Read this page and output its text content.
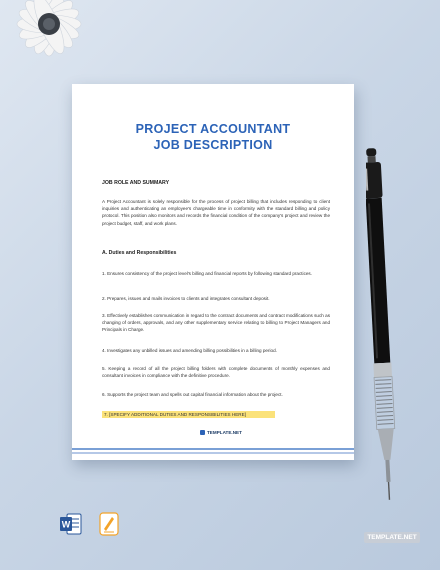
PROJECT ACCOUNTANT
JOB DESCRIPTION
JOB ROLE AND SUMMARY
A Project Accountant is solely responsible for the process of project billing that includes responding to client inquiries and authenticating an employee's chargeable time in conformity with the standard billing and policy protocol. This position also monitors and records the financial condition of the company's project and review the project budget, staff, and work plans.
A. Duties and Responsibilities
1. Ensures consistency of the project level's billing and financial reports by following standard practices.
2. Prepares, issues and mails invoices to clients and integrates consultant deposit.
3. Effectively establishes communication in regard to the contract documents and contract modifications such as changing of orders, approvals, and any other supplementary service relating to billing to Project Managers and Principals in Charge.
4. Investigates any unbilled issues and amending billing possibilities in a billing period.
5. Keeping a record of all the project billing folders with complete documents of monthly expenses and consultant invoices in compliance with the definitive procedure.
6. Supports the project team and spells out capital financial information about the project.
7. [SPECIFY ADDITIONAL DUTIES AND RESPONSIBILITIES HERE]
TEMPLATE.NET
W
TEMPLATE.NET
